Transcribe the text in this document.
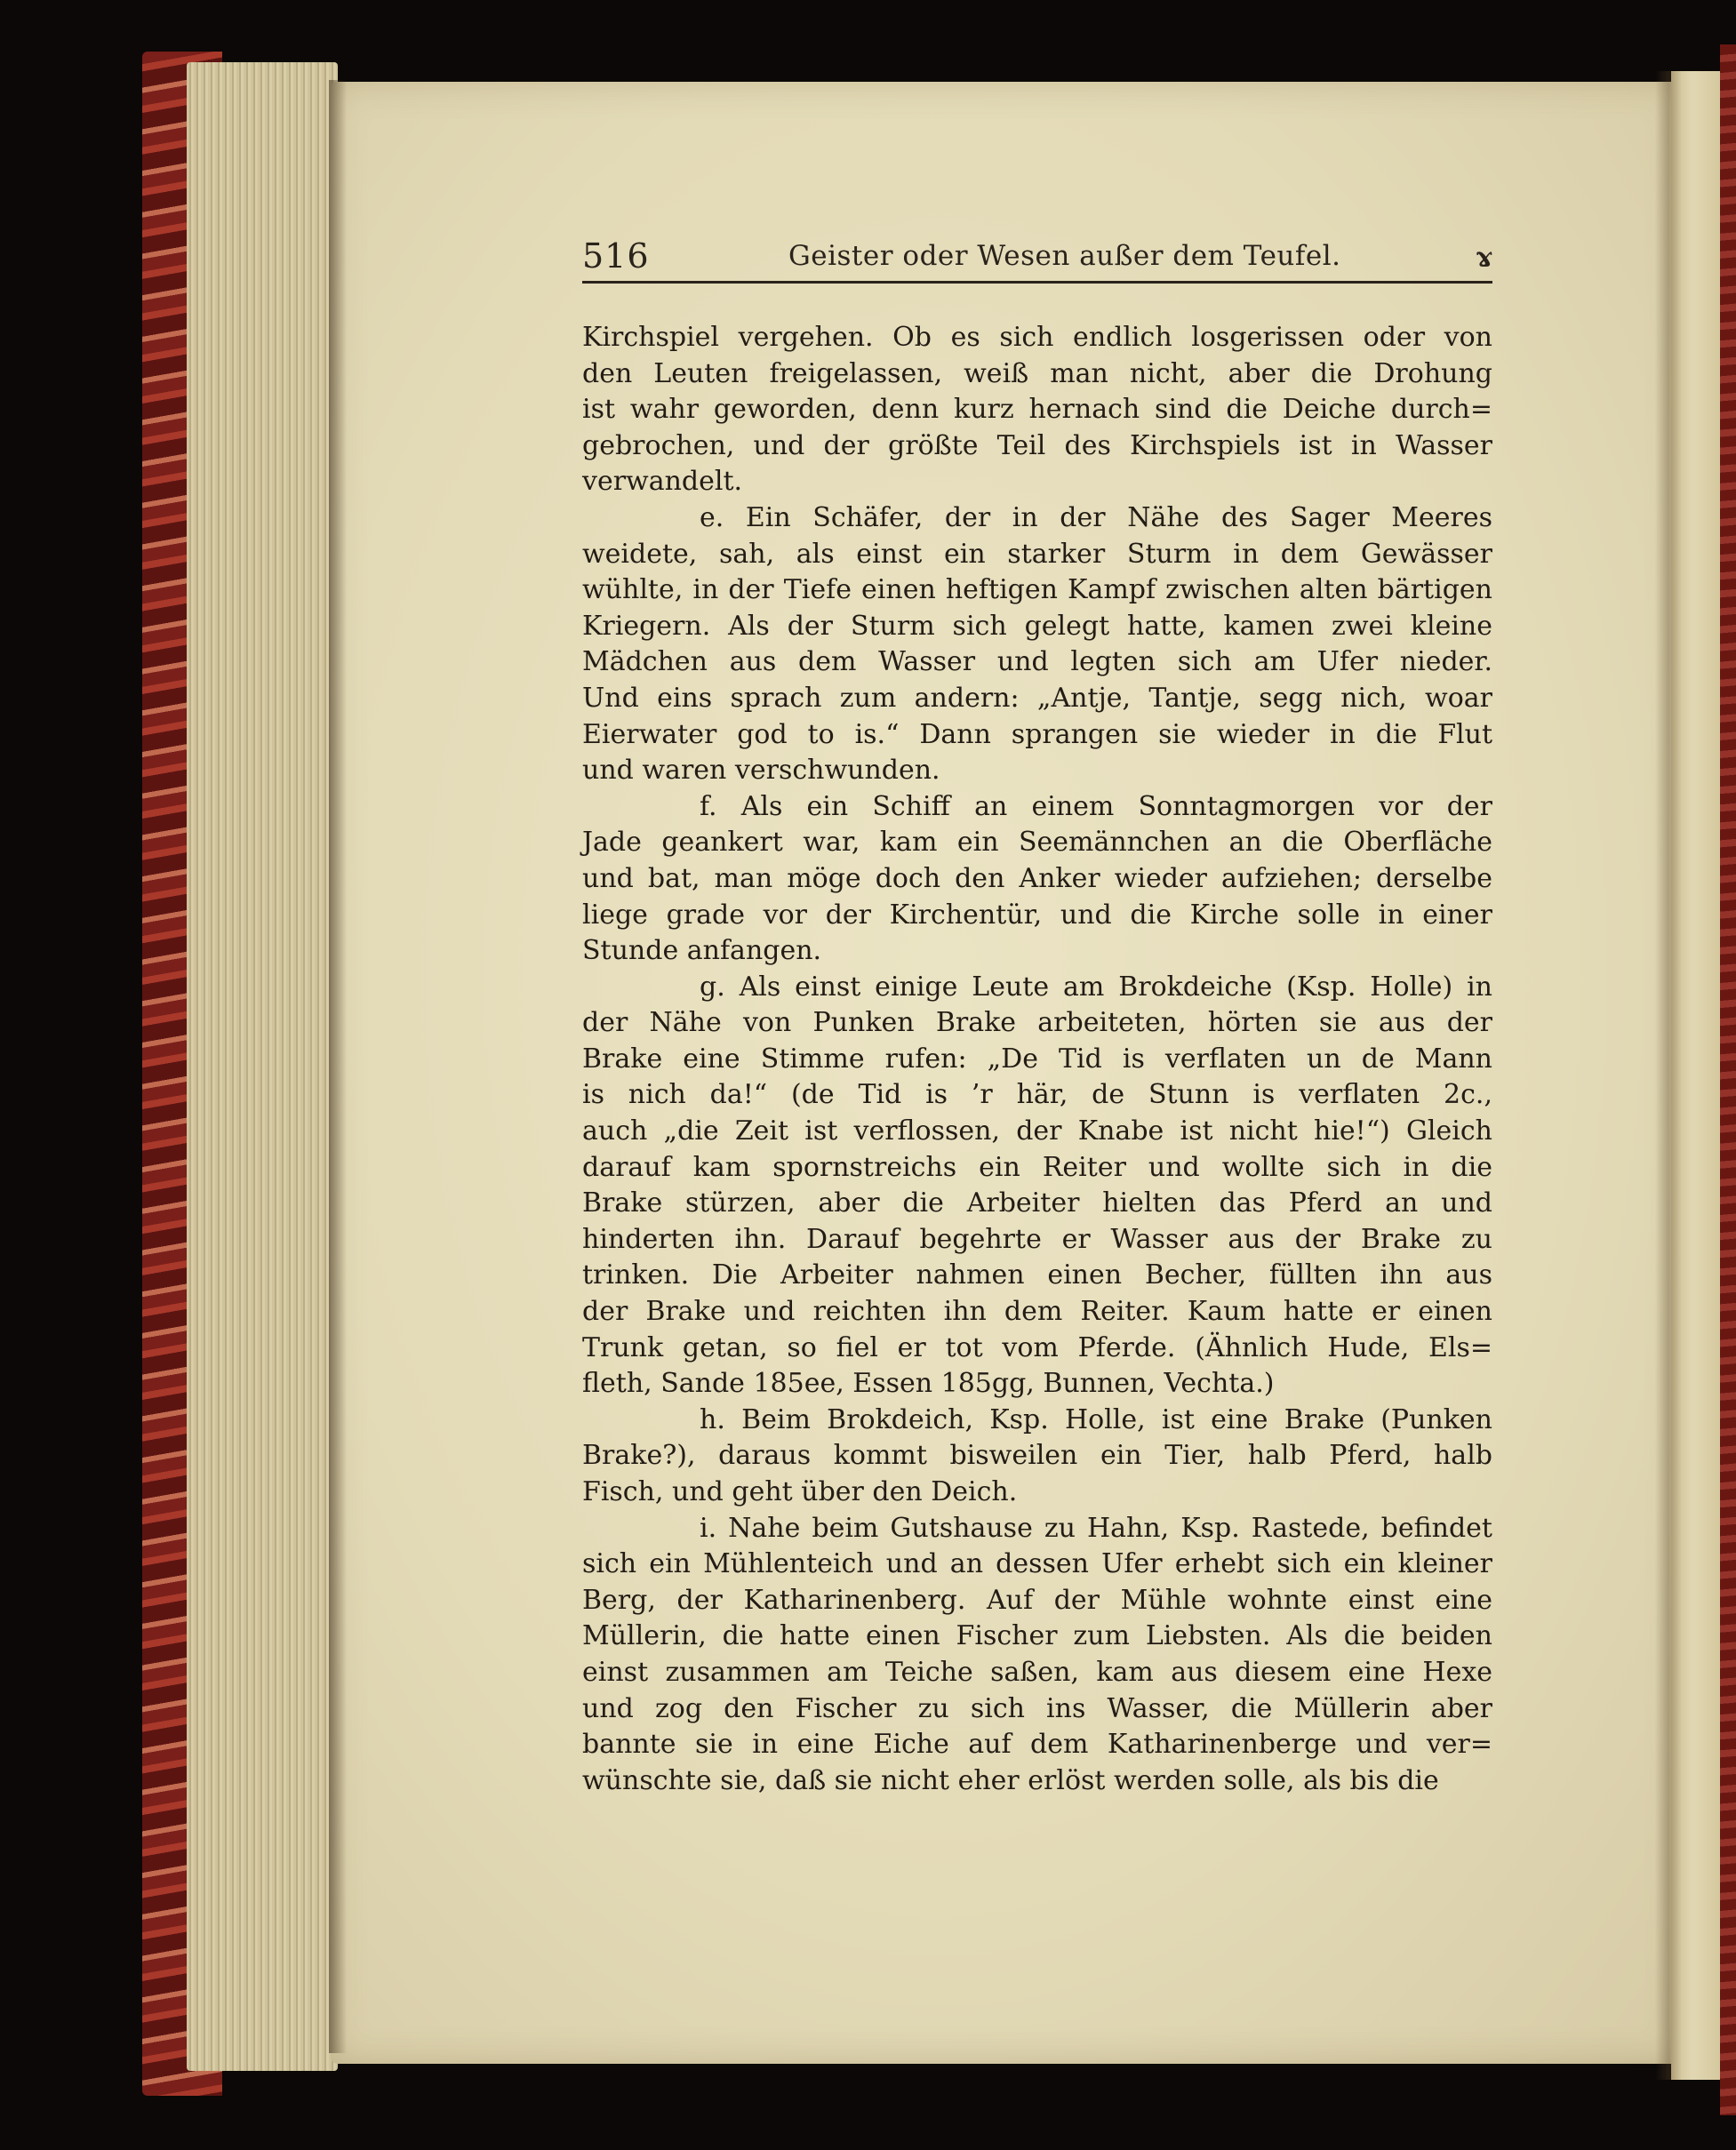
516	Geister oder Wesen außer dem Teufel.	ɤ
Kirchspiel vergehen. Ob es sich endlich losgerissen oder von
den Leuten freigelassen, weiß man nicht, aber die Drohung
ist wahr geworden, denn kurz hernach sind die Deiche durch=
gebrochen, und der größte Teil des Kirchspiels ist in Wasser
verwandelt.
e. Ein Schäfer, der in der Nähe des Sager Meeres
weidete, sah, als einst ein starker Sturm in dem Gewässer
wühlte, in der Tiefe einen heftigen Kampf zwischen alten bärtigen
Kriegern. Als der Sturm sich gelegt hatte, kamen zwei kleine
Mädchen aus dem Wasser und legten sich am Ufer nieder.
Und eins sprach zum andern: „Antje, Tantje, segg nich, woar
Eierwater god to is.“ Dann sprangen sie wieder in die Flut
und waren verschwunden.
f. Als ein Schiff an einem Sonntagmorgen vor der
Jade geankert war, kam ein Seemännchen an die Oberfläche
und bat, man möge doch den Anker wieder aufziehen; derselbe
liege grade vor der Kirchentür, und die Kirche solle in einer
Stunde anfangen.
g. Als einst einige Leute am Brokdeiche (Ksp. Holle) in
der Nähe von Punken Brake arbeiteten, hörten sie aus der
Brake eine Stimme rufen: „De Tid is verflaten un de Mann
is nich da!“ (de Tid is ’r här, de Stunn is verflaten 2c.,
auch „die Zeit ist verflossen, der Knabe ist nicht hie!“) Gleich
darauf kam spornstreichs ein Reiter und wollte sich in die
Brake stürzen, aber die Arbeiter hielten das Pferd an und
hinderten ihn. Darauf begehrte er Wasser aus der Brake zu
trinken. Die Arbeiter nahmen einen Becher, füllten ihn aus
der Brake und reichten ihn dem Reiter. Kaum hatte er einen
Trunk getan, so fiel er tot vom Pferde. (Ähnlich Hude, Els=
fleth, Sande 185ee, Essen 185gg, Bunnen, Vechta.)
h. Beim Brokdeich, Ksp. Holle, ist eine Brake (Punken
Brake?), daraus kommt bisweilen ein Tier, halb Pferd, halb
Fisch, und geht über den Deich.
i. Nahe beim Gutshause zu Hahn, Ksp. Rastede, befindet
sich ein Mühlenteich und an dessen Ufer erhebt sich ein kleiner
Berg, der Katharinenberg. Auf der Mühle wohnte einst eine
Müllerin, die hatte einen Fischer zum Liebsten. Als die beiden
einst zusammen am Teiche saßen, kam aus diesem eine Hexe
und zog den Fischer zu sich ins Wasser, die Müllerin aber
bannte sie in eine Eiche auf dem Katharinenberge und ver=
wünschte sie, daß sie nicht eher erlöst werden solle, als bis die
